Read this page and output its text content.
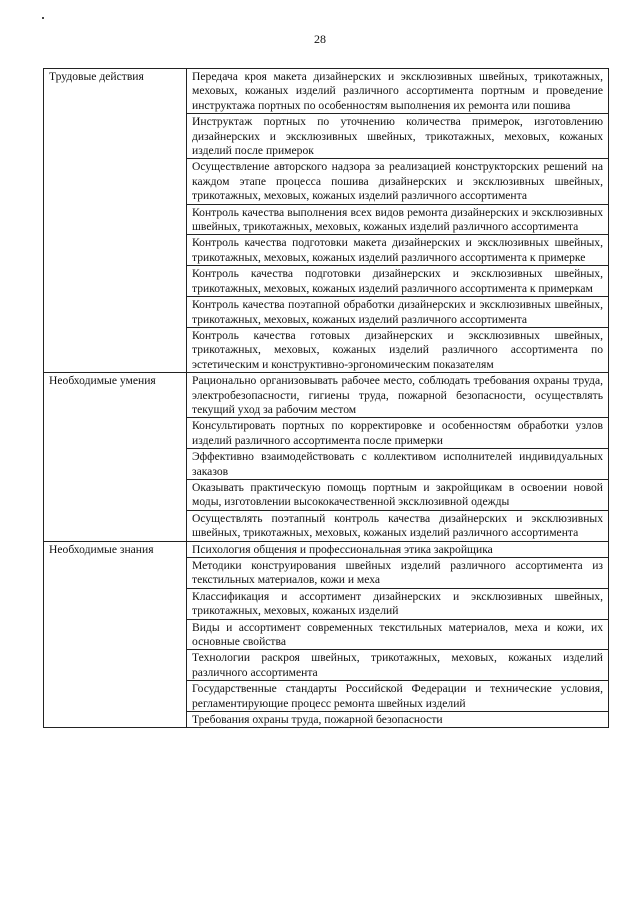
28
Трудовые действия	Передача кроя макета дизайнерских и эксклюзивных швейных, трикотажных, меховых, кожаных изделий различного ассортимента портным и проведение инструктажа портных по особенностям выполнения их ремонта или пошива
	Инструктаж портных по уточнению количества примерок, изготовлению дизайнерских и эксклюзивных швейных, трикотажных, меховых, кожаных изделий после примерок
	Осуществление авторского надзора за реализацией конструкторских решений на каждом этапе процесса пошива дизайнерских и эксклюзивных швейных, трикотажных, меховых, кожаных изделий различного ассортимента
	Контроль качества выполнения всех видов ремонта дизайнерских и эксклюзивных швейных, трикотажных, меховых, кожаных изделий различного ассортимента
	Контроль качества подготовки макета дизайнерских и эксклюзивных швейных, трикотажных, меховых, кожаных изделий различного ассортимента к примерке
	Контроль качества подготовки дизайнерских и эксклюзивных швейных, трикотажных, меховых, кожаных изделий различного ассортимента к примеркам
	Контроль качества поэтапной обработки дизайнерских и эксклюзивных швейных, трикотажных, меховых, кожаных изделий различного ассортимента
	Контроль качества готовых дизайнерских и эксклюзивных швейных, трикотажных, меховых, кожаных изделий различного ассортимента по эстетическим и конструктивно-эргономическим показателям
Необходимые умения	Рационально организовывать рабочее место, соблюдать требования охраны труда, электробезопасности, гигиены труда, пожарной безопасности, осуществлять текущий уход за рабочим местом
	Консультировать портных по корректировке и особенностям обработки узлов изделий различного ассортимента после примерки
	Эффективно взаимодействовать с коллективом исполнителей индивидуальных заказов
	Оказывать практическую помощь портным и закройщикам в освоении новой моды, изготовлении высококачественной эксклюзивной одежды
	Осуществлять поэтапный контроль качества дизайнерских и эксклюзивных швейных, трикотажных, меховых, кожаных изделий различного ассортимента
Необходимые знания	Психология общения и профессиональная этика закройщика
	Методики конструирования швейных изделий различного ассортимента из текстильных материалов, кожи и меха
	Классификация и ассортимент дизайнерских и эксклюзивных швейных, трикотажных, меховых, кожаных изделий
	Виды и ассортимент современных текстильных материалов, меха и кожи, их основные свойства
	Технологии раскроя швейных, трикотажных, меховых, кожаных изделий различного ассортимента
	Государственные стандарты Российской Федерации и технические условия, регламентирующие процесс ремонта швейных изделий
	Требования охраны труда, пожарной безопасности
